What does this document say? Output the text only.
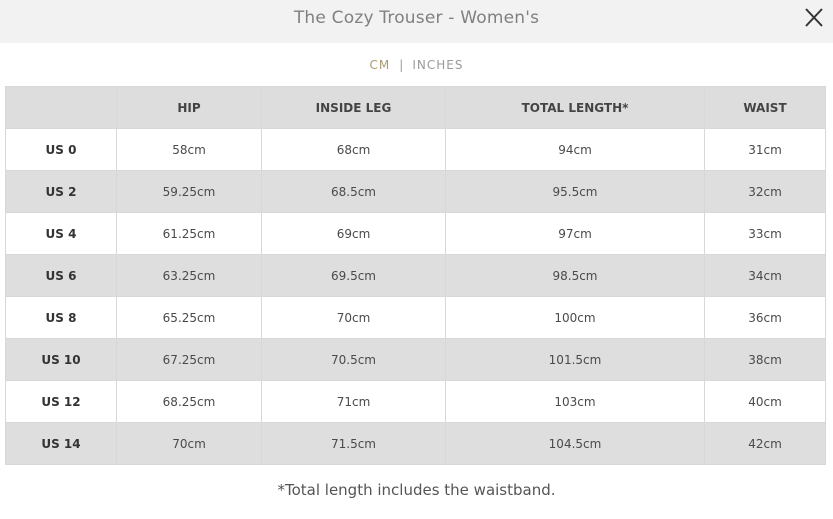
The Cozy Trouser - Women's
CM | INCHES
	HIP	INSIDE LEG	TOTAL LENGTH*	WAIST
US 0	58cm	68cm	94cm	31cm
US 2	59.25cm	68.5cm	95.5cm	32cm
US 4	61.25cm	69cm	97cm	33cm
US 6	63.25cm	69.5cm	98.5cm	34cm
US 8	65.25cm	70cm	100cm	36cm
US 10	67.25cm	70.5cm	101.5cm	38cm
US 12	68.25cm	71cm	103cm	40cm
US 14	70cm	71.5cm	104.5cm	42cm
*Total length includes the waistband.
